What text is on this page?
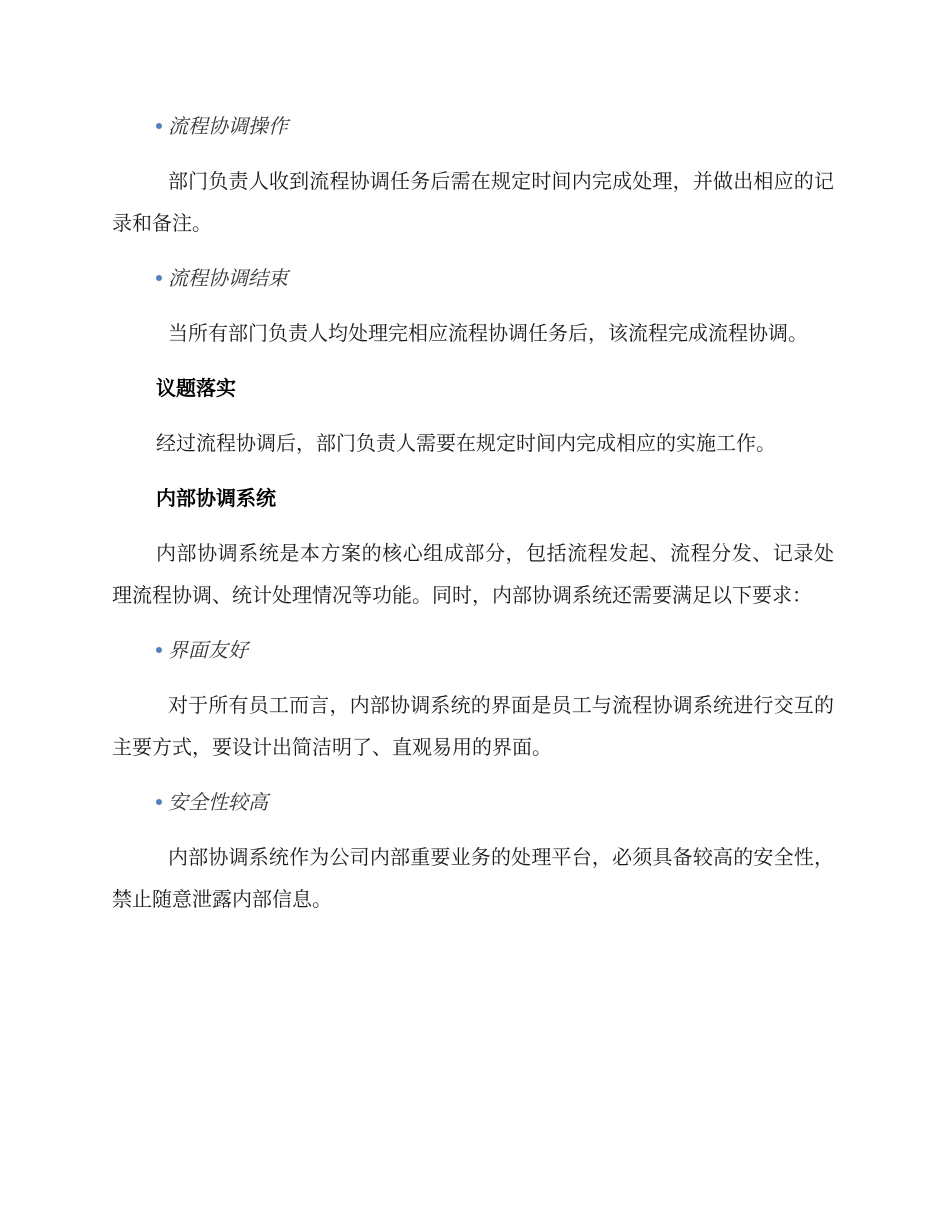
流程协调操作

部门负责人收到流程协调任务后需在规定时间内完成处理，并做出相应的记录和备注。

流程协调结束

当所有部门负责人均处理完相应流程协调任务后，该流程完成流程协调。

议题落实

经过流程协调后，部门负责人需要在规定时间内完成相应的实施工作。

内部协调系统

内部协调系统是本方案的核心组成部分，包括流程发起、流程分发、记录处理流程协调、统计处理情况等功能。同时，内部协调系统还需要满足以下要求：

界面友好

对于所有员工而言，内部协调系统的界面是员工与流程协调系统进行交互的主要方式，要设计出简洁明了、直观易用的界面。

安全性较高

内部协调系统作为公司内部重要业务的处理平台，必须具备较高的安全性，禁止随意泄露内部信息。
